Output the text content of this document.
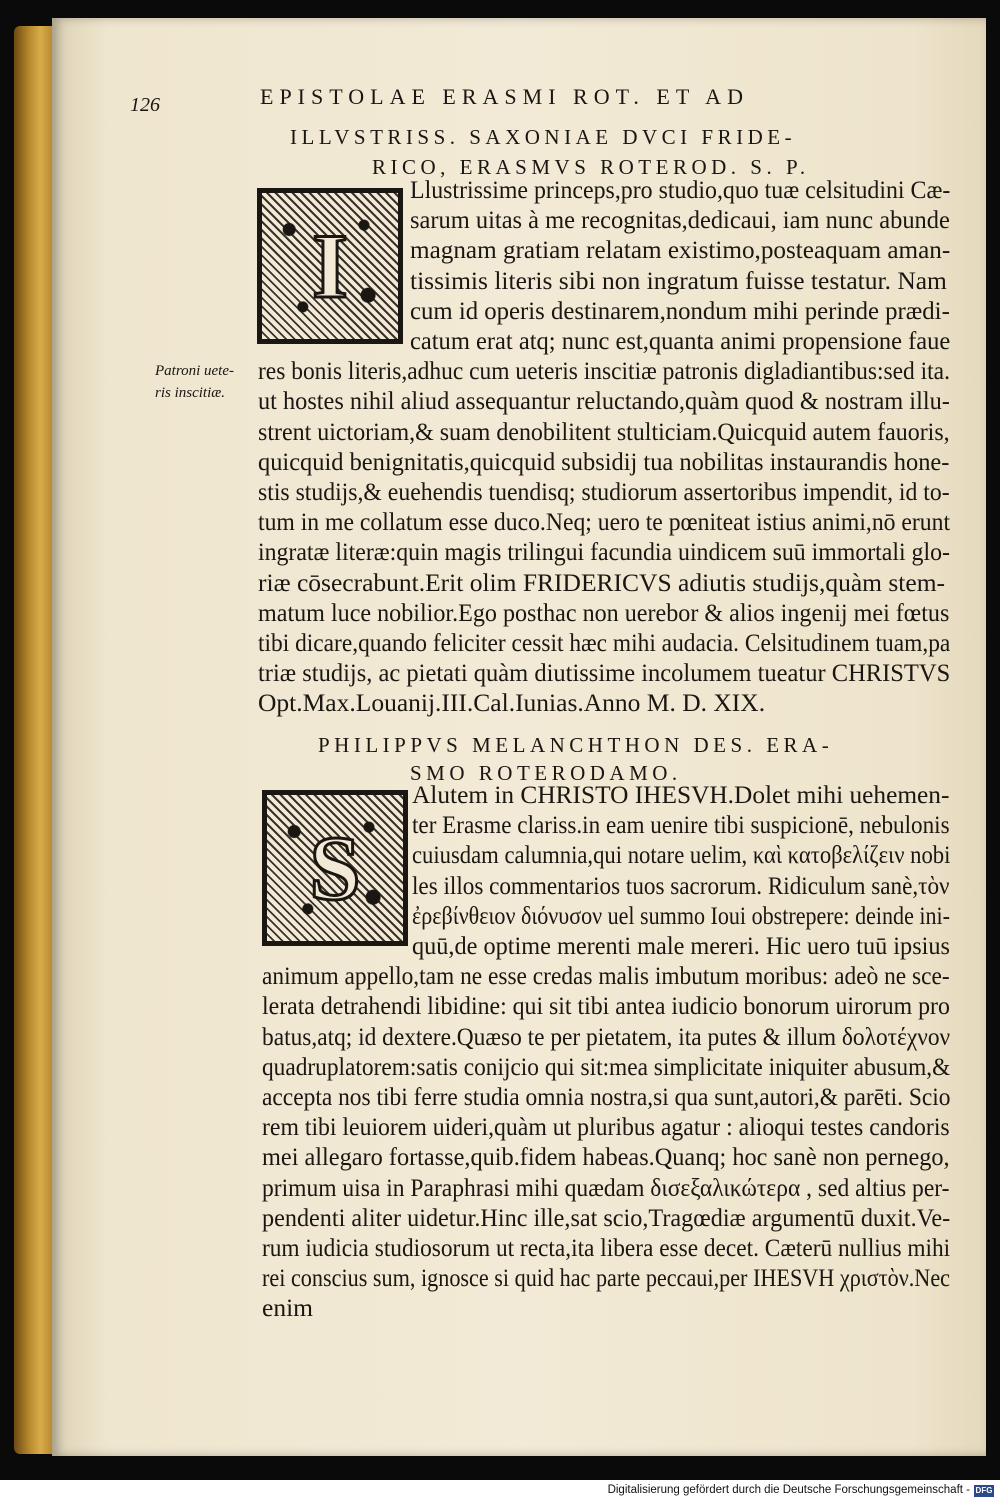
126	EPISTOLAE ERASMI ROT. ET AD
ILLVSTRISS. SAXONIAE DVCI FRIDE-
RICO, ERASMVS ROTEROD. S. P.
I
Llustrissime princeps,pro studio,quo tuæ celsitudini Cæ-
sarum uitas à me recognitas,dedicaui, iam nunc abunde
magnam gratiam relatam existimo,posteaquam aman-
tissimis literis sibi non ingratum fuisse testatur. Nam
cum id operis destinarem,nondum mihi perinde prædi-
catum erat atq; nunc est,quanta animi propensione faue
res bonis literis,adhuc cum ueteris inscitiæ patronis digladiantibus:sed ita.
ut hostes nihil aliud assequantur reluctando,quàm quod & nostram illu-
strent uictoriam,& suam denobilitent stulticiam.Quicquid autem fauoris,
quicquid benignitatis,quicquid subsidij tua nobilitas instaurandis hone-
stis studijs,& euehendis tuendisq; studiorum assertoribus impendit, id to-
tum in me collatum esse duco.Neq; uero te pœniteat istius animi,nō erunt
ingratæ literæ:quin magis trilingui facundia uindicem suū immortali glo-
riæ cōsecrabunt.Erit olim FRIDERICVS adiutis studijs,quàm stem-
matum luce nobilior.Ego posthac non uerebor & alios ingenij mei fœtus
tibi dicare,quando feliciter cessit hæc mihi audacia. Celsitudinem tuam,pa
triæ studijs, ac pietati quàm diutissime incolumem tueatur CHRISTVS
Opt.Max.Louanij.III.Cal.Iunias.Anno M. D. XIX.
Patroni uete-
ris inscitiæ.
PHILIPPVS MELANCHTHON DES. ERA-
SMO ROTERODAMO.
S
Alutem in CHRISTO IHESVH.Dolet mihi uehemen-
ter Erasme clariss.in eam uenire tibi suspicionē, nebulonis
cuiusdam calumnia,qui notare uelim, καὶ κατοβελίζειν nobi
les illos commentarios tuos sacrorum. Ridiculum sanè,τὸν
ἐρεβίνθειον διόνυσον uel summo Ioui obstrepere: deinde ini-
quū,de optime merenti male mereri. Hic uero tuū ipsius
animum appello,tam ne esse credas malis imbutum moribus: adeò ne sce-
lerata detrahendi libidine: qui sit tibi antea iudicio bonorum uirorum pro
batus,atq; id dextere.Quæso te per pietatem, ita putes & illum δολοτέχνον
quadruplatorem:satis conijcio qui sit:mea simplicitate iniquiter abusum,&
accepta nos tibi ferre studia omnia nostra,si qua sunt,autori,& parēti. Scio
rem tibi leuiorem uideri,quàm ut pluribus agatur : alioqui testes candoris
mei allegaro fortasse,quib.fidem habeas.Quanq; hoc sanè non pernego,
primum uisa in Paraphrasi mihi quædam δισεξαλικώτερα , sed altius per-
pendenti aliter uidetur.Hinc ille,sat scio,Tragœdiæ argumentū duxit.Ve-
rum iudicia studiosorum ut recta,ita libera esse decet. Cæterū nullius mihi
rei conscius sum, ignosce si quid hac parte peccaui,per IHESVH χριστὸν.Nec
enim
Digitalisierung gefördert durch die Deutsche Forschungsgemeinschaft - DFG
